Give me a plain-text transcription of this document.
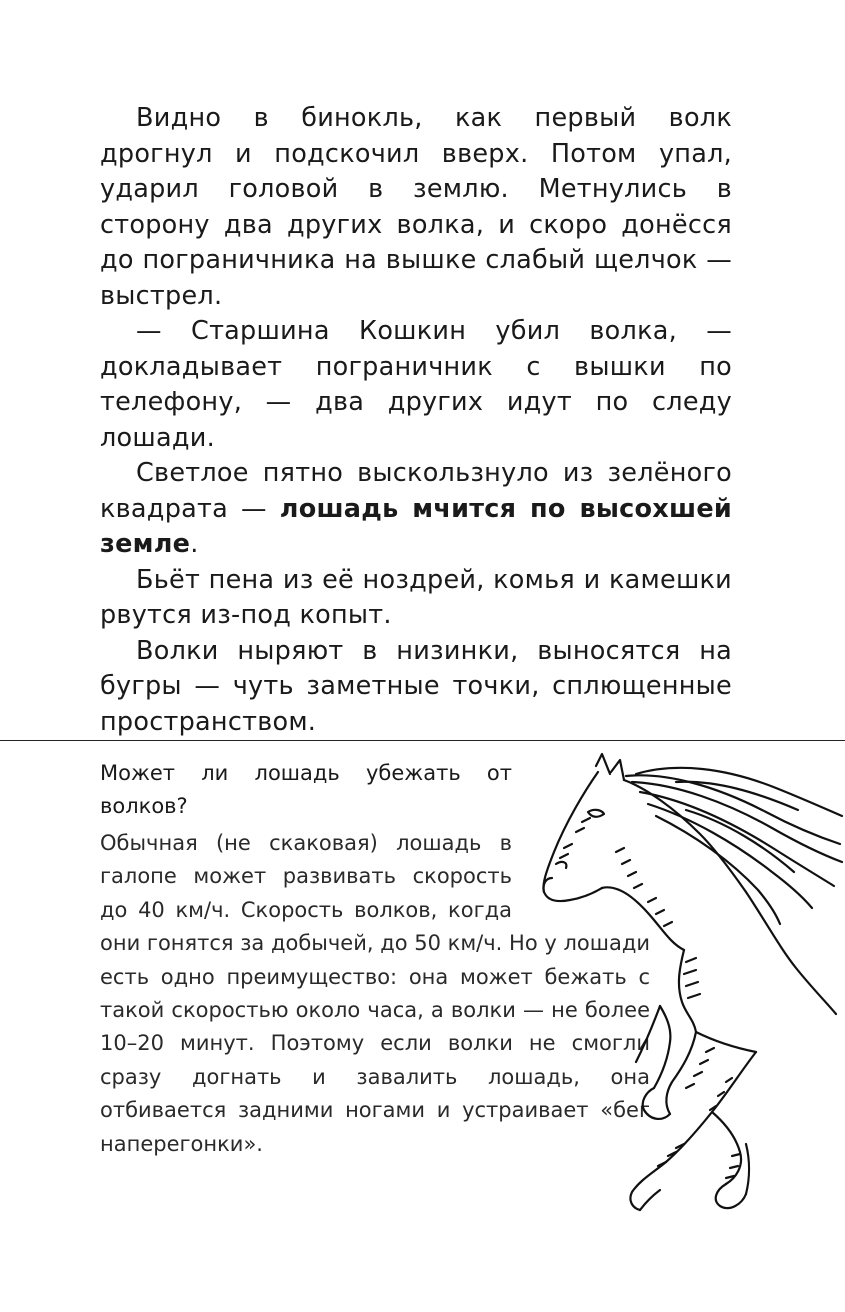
Видно в бинокль, как первый волк дрогнул и подскочил вверх. Потом упал, ударил головой в землю. Метнулись в сторону два других волка, и скоро донёсся до пограничника на вышке слабый щелчок — выстрел.

— Старшина Кошкин убил волка, — докладывает пограничник с вышки по телефону, — два других идут по следу лошади.

Светлое пятно выскользнуло из зелёного квадрата — лошадь мчится по высохшей земле.

Бьёт пена из её ноздрей, комья и камешки рвутся из-под копыт.

Волки ныряют в низинки, выносятся на бугры — чуть заметные точки, сплющенные пространством.

Может ли лошадь убежать от волков?

Обычная (не скаковая) лошадь в галопе может развивать скорость до 40 км/ч. Скорость волков, когда они гонятся за добычей, до 50 км/ч. Но у лошади есть одно преимущество: она может бежать с такой скоростью около часа, а волки — не более 10–20 минут. Поэтому если волки не смогли сразу догнать и завалить лошадь, она отбивается задними ногами и устраивает «бег наперегонки».
